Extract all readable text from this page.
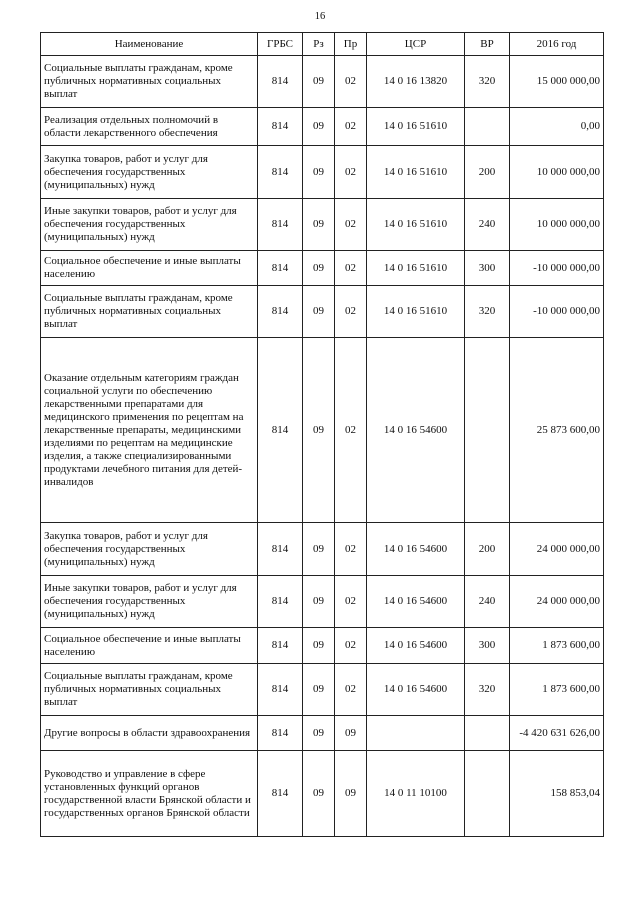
16
Наименование	ГРБС	Рз	Пр	ЦСР	ВР	2016 год
Социальные выплаты гражданам, кроме публичных нормативных социальных выплат	814	09	02	14 0 16 13820	320	15 000 000,00
Реализация отдельных полномочий в области лекарственного обеспечения	814	09	02	14 0 16 51610		0,00
Закупка товаров, работ и услуг для обеспечения государственных (муниципальных) нужд	814	09	02	14 0 16 51610	200	10 000 000,00
Иные закупки товаров, работ и услуг для обеспечения государственных (муниципальных) нужд	814	09	02	14 0 16 51610	240	10 000 000,00
Социальное обеспечение и иные выплаты населению	814	09	02	14 0 16 51610	300	-10 000 000,00
Социальные выплаты гражданам, кроме публичных нормативных социальных выплат	814	09	02	14 0 16 51610	320	-10 000 000,00
Оказание отдельным категориям граждан социальной услуги по обеспечению лекарственными препаратами для медицинского применения по рецептам на лекарственные препараты, медицинскими изделиями по рецептам на медицинские изделия, а также специализированными продуктами лечебного питания для детей-инвалидов	814	09	02	14 0 16 54600		25 873 600,00
Закупка товаров, работ и услуг для обеспечения государственных (муниципальных) нужд	814	09	02	14 0 16 54600	200	24 000 000,00
Иные закупки товаров, работ и услуг для обеспечения государственных (муниципальных) нужд	814	09	02	14 0 16 54600	240	24 000 000,00
Социальное обеспечение и иные выплаты населению	814	09	02	14 0 16 54600	300	1 873 600,00
Социальные выплаты гражданам, кроме публичных нормативных социальных выплат	814	09	02	14 0 16 54600	320	1 873 600,00
Другие вопросы в области здравоохранения	814	09	09			-4 420 631 626,00
Руководство и управление в сфере установленных функций органов государственной власти Брянской области и государственных органов Брянской области	814	09	09	14 0 11 10100		158 853,04
